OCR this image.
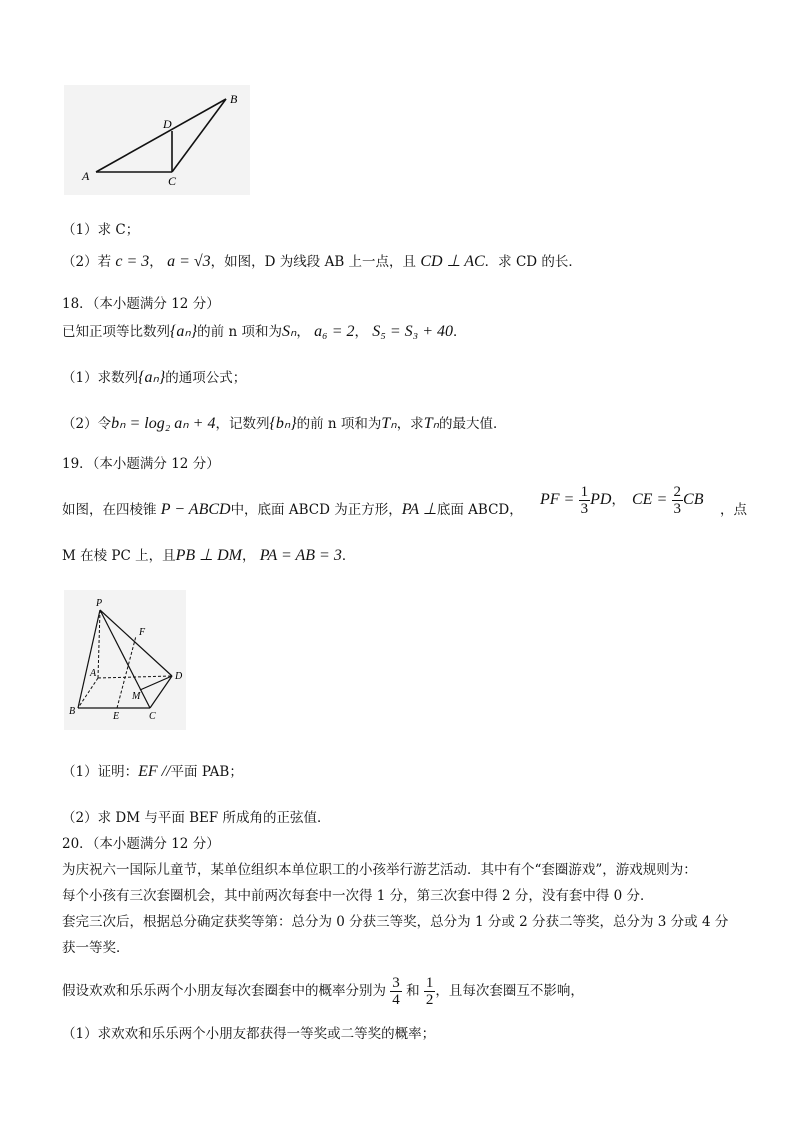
A
B
C
D
（1）求 C；
（2）若 c = 3， a = √3，如图，D 为线段 AB 上一点，且 CD ⊥ AC．求 CD 的长．
18．（本小题满分 12 分）
已知正项等比数列{aₙ}的前 n 项和为Sₙ， a₆ = 2， S₅ = S₃ + 40．
（1）求数列{aₙ}的通项公式；
（2）令bₙ = log₂ aₙ + 4，记数列{bₙ}的前 n 项和为Tₙ，求Tₙ的最大值．
19．（本小题满分 12 分）
如图，在四棱锥 P − ABCD中，底面 ABCD 为正方形，PA ⊥底面 ABCD，
PF = $\frac{1}{3}$ PD， CE = $\frac{2}{3}$ CB
，点
M 在棱 PC 上，且PB ⊥ DM， PA = AB = 3．
P
F
A	D
M
B	E	C
（1）证明：EF //平面 PAB；
（2）求 DM 与平面 BEF 所成角的正弦值．
20．（本小题满分 12 分）
为庆祝六一国际儿童节，某单位组织本单位职工的小孩举行游艺活动．其中有个“套圈游戏”，游戏规则为：
每个小孩有三次套圈机会，其中前两次每套中一次得 1 分，第三次套中得 2 分，没有套中得 0 分．
套完三次后，根据总分确定获奖等第：总分为 0 分获三等奖，总分为 1 分或 2 分获二等奖，总分为 3 分或 4 分
获一等奖．
假设欢欢和乐乐两个小朋友每次套圈套中的概率分别为 $\frac{3}{4}$ 和 $\frac{1}{2}$ ，且每次套圈互不影响，
（1）求欢欢和乐乐两个小朋友都获得一等奖或二等奖的概率；
